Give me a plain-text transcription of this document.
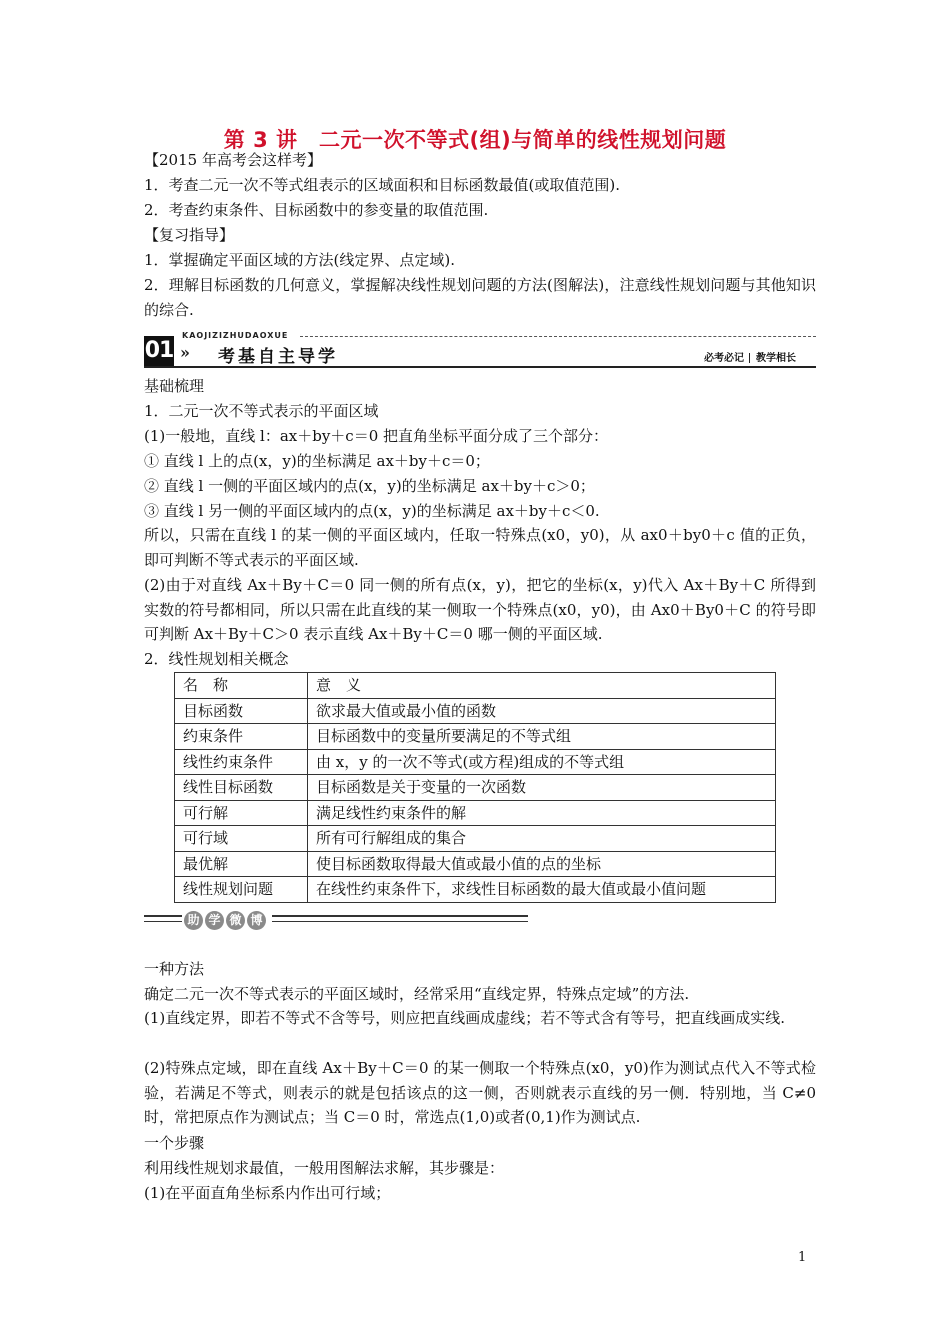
第 3 讲　二元一次不等式(组)与简单的线性规划问题
【2015 年高考会这样考】
1．考查二元一次不等式组表示的区域面积和目标函数最值(或取值范围).
2．考查约束条件、目标函数中的参变量的取值范围.
【复习指导】
1．掌握确定平面区域的方法(线定界、点定域).
2．理解目标函数的几何意义，掌握解决线性规划问题的方法(图解法)，注意线性规划问题与其他知识的综合.
01
KAOJIZIZHUDAOXUE
» 考基自主导学	必考必记 教学相长
基础梳理
1．二元一次不等式表示的平面区域
(1)一般地，直线 l：ax＋by＋c＝0 把直角坐标平面分成了三个部分：
① 直线 l 上的点(x，y)的坐标满足 ax＋by＋c＝0；
② 直线 l 一侧的平面区域内的点(x，y)的坐标满足 ax＋by＋c＞0；
③ 直线 l 另一侧的平面区域内的点(x，y)的坐标满足 ax＋by＋c＜0.
所以，只需在直线 l 的某一侧的平面区域内，任取一特殊点(x0，y0)，从 ax0＋by0＋c 值的正负，即可判断不等式表示的平面区域.
(2)由于对直线 Ax＋By＋C＝0 同一侧的所有点(x，y)，把它的坐标(x，y)代入 Ax＋By＋C 所得到实数的符号都相同，所以只需在此直线的某一侧取一个特殊点(x0，y0)，由 Ax0＋By0＋C 的符号即可判断 Ax＋By＋C＞0 表示直线 Ax＋By＋C＝0 哪一侧的平面区域.
2．线性规划相关概念
名　称	意　义
目标函数	欲求最大值或最小值的函数
约束条件	目标函数中的变量所要满足的不等式组
线性约束条件	由 x，y 的一次不等式(或方程)组成的不等式组
线性目标函数	目标函数是关于变量的一次函数
可行解	满足线性约束条件的解
可行域	所有可行解组成的集合
最优解	使目标函数取得最大值或最小值的点的坐标
线性规划问题	在线性约束条件下，求线性目标函数的最大值或最小值问题
助 学 微 博
一种方法
确定二元一次不等式表示的平面区域时，经常采用“直线定界，特殊点定域”的方法.
(1)直线定界，即若不等式不含等号，则应把直线画成虚线；若不等式含有等号，把直线画成实线.
(2)特殊点定域，即在直线 Ax＋By＋C＝0 的某一侧取一个特殊点(x0，y0)作为测试点代入不等式检验，若满足不等式，则表示的就是包括该点的这一侧，否则就表示直线的另一侧．特别地，当 C≠0 时，常把原点作为测试点；当 C＝0 时，常选点(1,0)或者(0,1)作为测试点.
一个步骤
利用线性规划求最值，一般用图解法求解，其步骤是：
(1)在平面直角坐标系内作出可行域；
1
